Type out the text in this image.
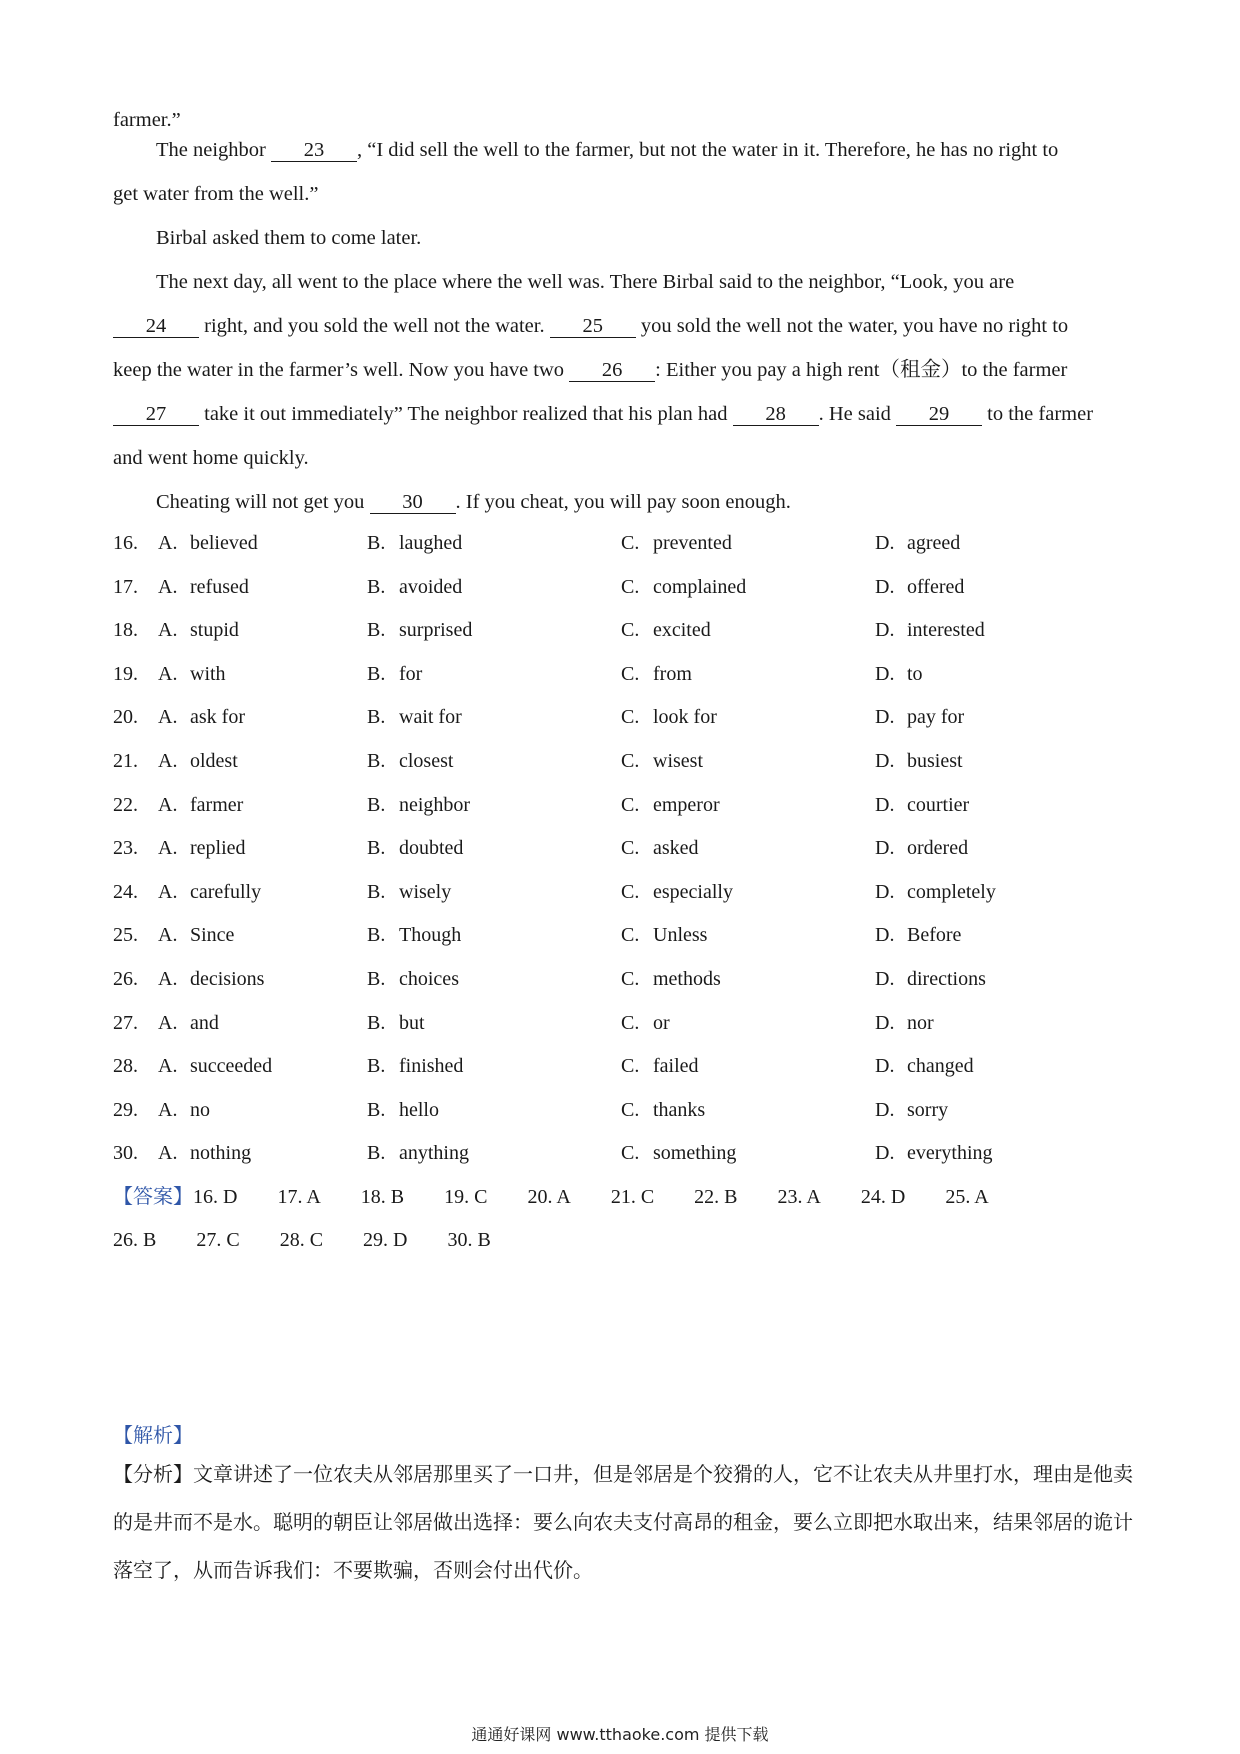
farmer.”
The neighbor 23 , “I did sell the well to the farmer, but not the water in it. Therefore, he has no right to
get water from the well.”
Birbal asked them to come later.
The next day, all went to the place where the well was. There Birbal said to the neighbor, “Look, you are
24 right, and you sold the well not the water. 25 you sold the well not the water, you have no right to
keep the water in the farmer’s well. Now you have two 26 : Either you pay a high rent（租金）to the farmer
27 take it out immediately” The neighbor realized that his plan had 28 . He said 29 to the farmer
and went home quickly.
Cheating will not get you 30 . If you cheat, you will pay soon enough.
16. A. believed	B. laughed	C. prevented	D. agreed
17. A. refused	B. avoided	C. complained	D. offered
18. A. stupid	B. surprised	C. excited	D. interested
19. A. with	B. for	C. from	D. to
20. A. ask for	B. wait for	C. look for	D. pay for
21. A. oldest	B. closest	C. wisest	D. busiest
22. A. farmer	B. neighbor	C. emperor	D. courtier
23. A. replied	B. doubted	C. asked	D. ordered
24. A. carefully	B. wisely	C. especially	D. completely
25. A. Since	B. Though	C. Unless	D. Before
26. A. decisions	B. choices	C. methods	D. directions
27. A. and	B. but	C. or	D. nor
28. A. succeeded	B. finished	C. failed	D. changed
29. A. no	B. hello	C. thanks	D. sorry
30. A. nothing	B. anything	C. something	D. everything
【答案】16. D 17. A 18. B 19. C 20. A 21. C 22. B 23. A 24. D 25. A
26. B 27. C 28. C 29. D 30. B
【解析】
【分析】文章讲述了一位农夫从邻居那里买了一口井，但是邻居是个狡猾的人，它不让农夫从井里打水，理由是他卖的是井而不是水。聪明的朝臣让邻居做出选择：要么向农夫支付高昂的租金，要么立即把水取出来，结果邻居的诡计落空了，从而告诉我们：不要欺骗，否则会付出代价。
通通好课网 www.tthaoke.com 提供下载
